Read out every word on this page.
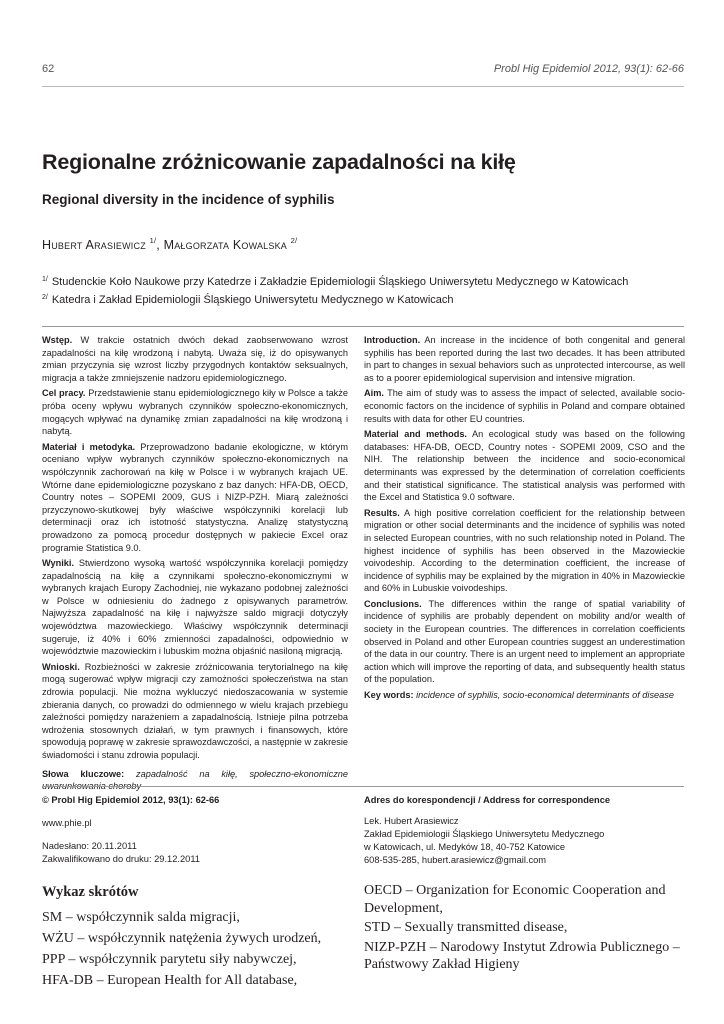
62	Probl Hig Epidemiol 2012, 93(1): 62-66
Regionalne zróżnicowanie zapadalności na kiłę
Regional diversity in the incidence of syphilis
Hubert Arasiewicz $^{1/}$, Małgorzata Kowalska $^{2/}$
$^{1/}$ Studenckie Koło Naukowe przy Katedrze i Zakładzie Epidemiologii Śląskiego Uniwersytetu Medycznego w Katowicach
$^{2/}$ Katedra i Zakład Epidemiologii Śląskiego Uniwersytetu Medycznego w Katowicach

Wstęp. W trakcie ostatnich dwóch dekad zaobserwowano wzrost zapadalności na kiłę wrodzoną i nabytą. Uważa się, iż do opisywanych zmian przyczynia się wzrost liczby przygodnych kontaktów seksualnych, migracja a także zmniejszenie nadzoru epidemiologicznego.

Cel pracy. Przedstawienie stanu epidemiologicznego kiły w Polsce a także próba oceny wpływu wybranych czynników społeczno-ekonomicznych, mogących wpływać na dynamikę zmian zapadalności na kiłę wrodzoną i nabytą.

Materiał i metodyka. Przeprowadzono badanie ekologiczne, w którym oceniano wpływ wybranych czynników społeczno-ekonomicznych na współczynnik zachorowań na kiłę w Polsce i w wybranych krajach UE. Wtórne dane epidemiologiczne pozyskano z baz danych: HFA-DB, OECD, Country notes – SOPEMI 2009, GUS i NIZP-PZH. Miarą zależności przyczynowo-skutkowej były właściwe współczynniki korelacji lub determinacji oraz ich istotność statystyczna. Analizę statystyczną prowadzono za pomocą procedur dostępnych w pakiecie Excel oraz programie Statistica 9.0.

Wyniki. Stwierdzono wysoką wartość współczynnika korelacji pomiędzy zapadalnością na kiłę a czynnikami społeczno-ekonomicznymi w wybranych krajach Europy Zachodniej, nie wykazano podobnej zależności w Polsce w odniesieniu do żadnego z opisywanych parametrów. Najwyższa zapadalność na kiłę i najwyższe saldo migracji dotyczyły województwa mazowieckiego. Właściwy współczynnik determinacji sugeruje, iż 40% i 60% zmienności zapadalności, odpowiednio w województwie mazowieckim i lubuskim można objaśnić nasiloną migracją.

Wnioski. Rozbieżności w zakresie zróżnicowania terytorialnego na kiłę mogą sugerować wpływ migracji czy zamożności społeczeństwa na stan zdrowia populacji. Nie można wykluczyć niedoszacowania w systemie zbierania danych, co prowadzi do odmiennego w wielu krajach przebiegu zależności pomiędzy narażeniem a zapadalnością. Istnieje pilna potrzeba wdrożenia stosownych działań, w tym prawnych i finansowych, które spowodują poprawę w zakresie sprawozdawczości, a następnie w zakresie świadomości i stanu zdrowia populacji.

Słowa kluczowe: zapadalność na kiłę, społeczno-ekonomiczne uwarunkowania choroby

Introduction. An increase in the incidence of both congenital and general syphilis has been reported during the last two decades. It has been attributed in part to changes in sexual behaviors such as unprotected intercourse, as well as to a poorer epidemiological supervision and intensive migration.

Aim. The aim of study was to assess the impact of selected, available socio-economic factors on the incidence of syphilis in Poland and compare obtained results with data for other EU countries.

Material and methods. An ecological study was based on the following databases: HFA-DB, OECD, Country notes - SOPEMI 2009, CSO and the NIH. The relationship between the incidence and socio-economical determinants was expressed by the determination of correlation coefficients and their statistical significance. The statistical analysis was performed with the Excel and Statistica 9.0 software.

Results. A high positive correlation coefficient for the relationship between migration or other social determinants and the incidence of syphilis was noted in selected European countries, with no such relationship noted in Poland. The highest incidence of syphilis has been observed in the Mazowieckie voivodeship. According to the determination coefficient, the increase of incidence of syphilis may be explained by the migration in 40% in Mazowieckie and 60% in Lubuskie voivodeships.

Conclusions. The differences within the range of spatial variability of incidence of syphilis are probably dependent on mobility and/or wealth of society in the European countries. The differences in correlation coefficients observed in Poland and other European countries suggest an underestimation of the data in our country. There is an urgent need to implement an appropriate action which will improve the reporting of data, and subsequently health status of the population.

Key words: incidence of syphilis, socio-economical determinants of disease

© Probl Hig Epidemiol 2012, 93(1): 62-66
www.phie.pl
Nadesłano: 20.11.2011
Zakwalifikowano do druku: 29.12.2011
Adres do korespondencji / Address for correspondence
Lek. Hubert Arasiewicz
Zakład Epidemiologii Śląskiego Uniwersytetu Medycznego
w Katowicach, ul. Medyków 18, 40-752 Katowice
608-535-285, hubert.arasiewicz@gmail.com
Wykaz skrótów
SM – współczynnik salda migracji,
WŻU – współczynnik natężenia żywych urodzeń,
PPP – współczynnik parytetu siły nabywczej,
HFA-DB – European Health for All database,
OECD – Organization for Economic Cooperation and Development,
STD – Sexually transmitted disease,
NIZP-PZH – Narodowy Instytut Zdrowia Publicznego – Państwowy Zakład Higieny
